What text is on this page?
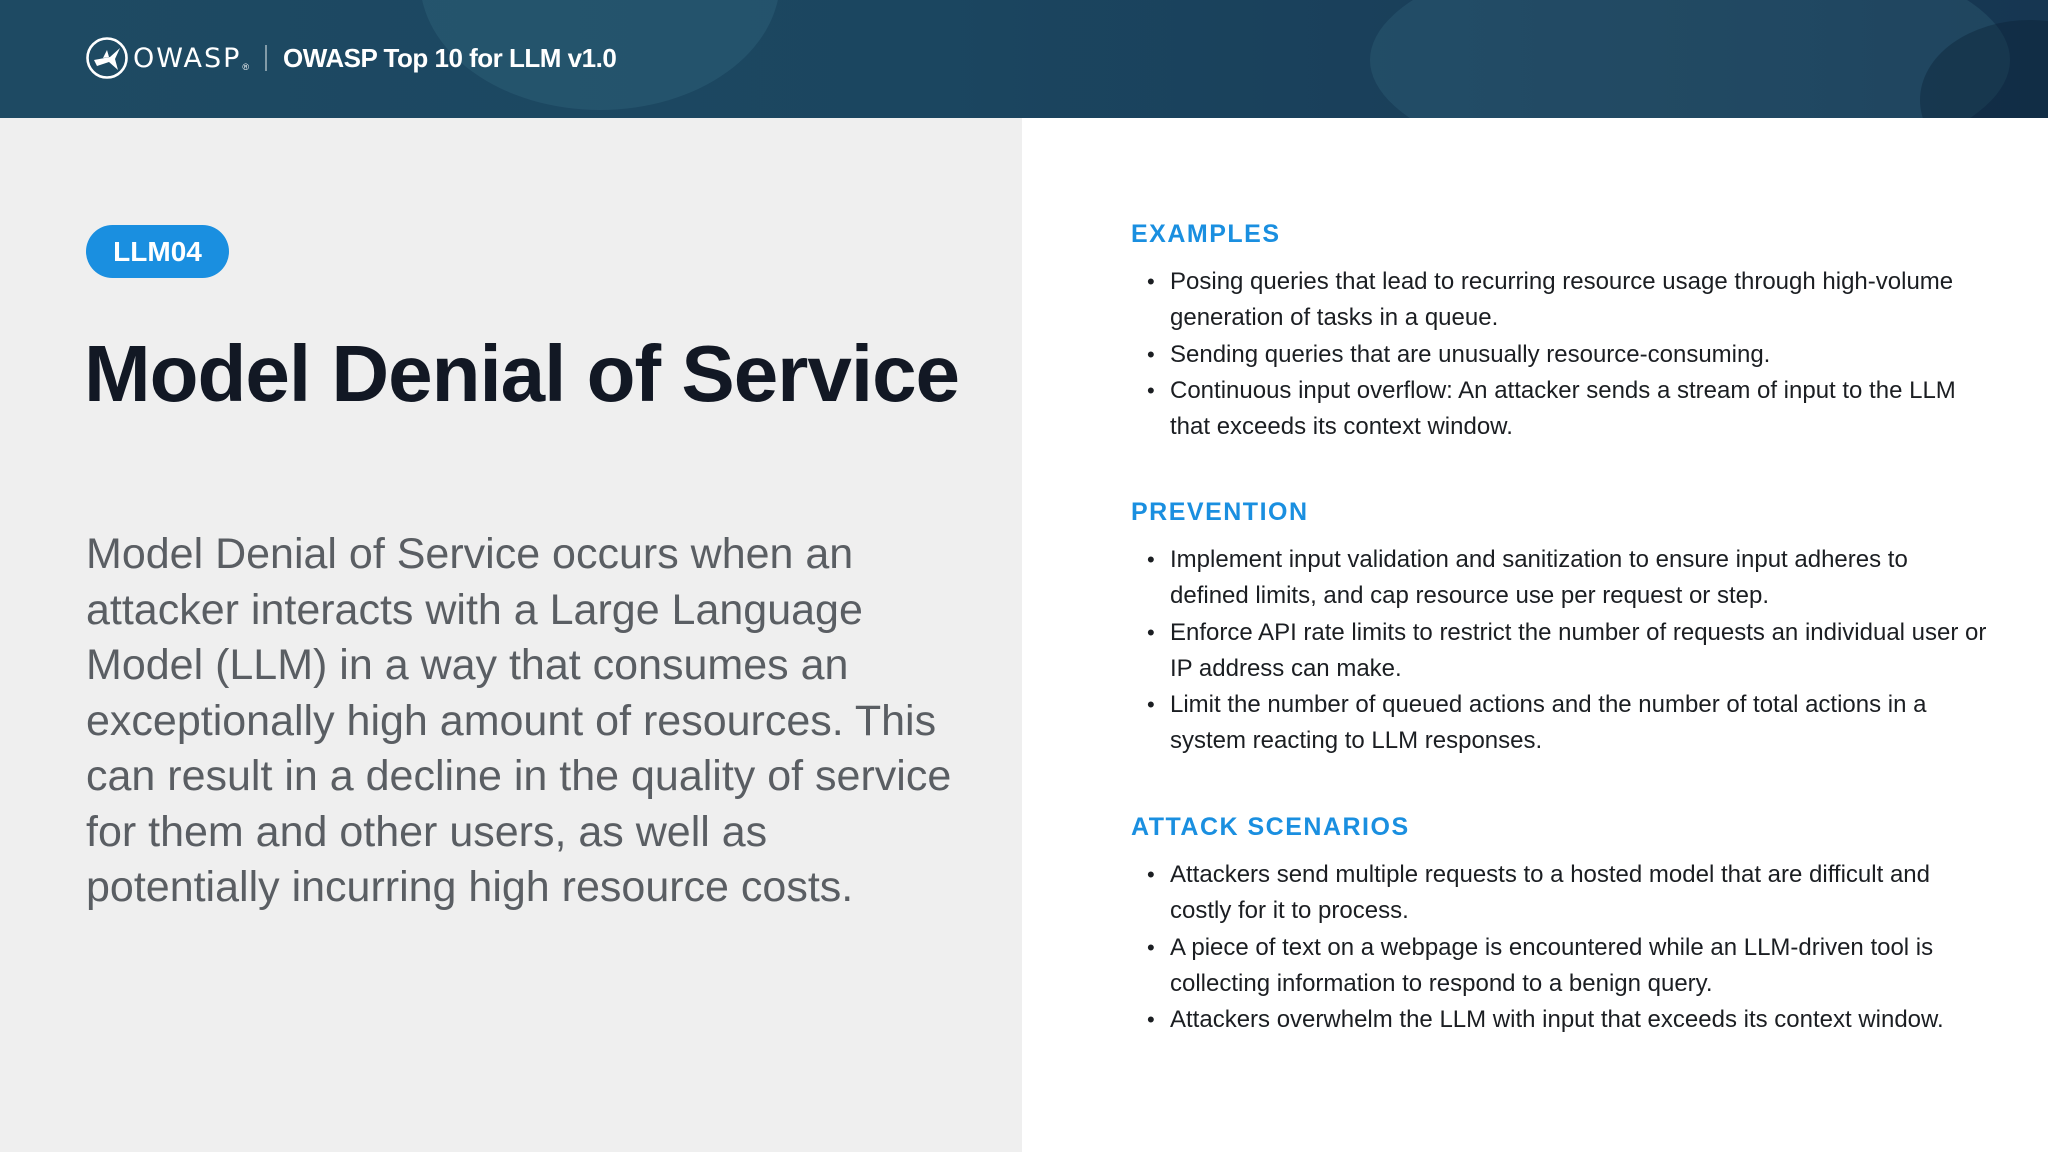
OWASP ® OWASP Top 10 for LLM v1.0
LLM04
Model Denial of Service

Model Denial of Service occurs when an attacker interacts with a Large Language Model (LLM) in a way that consumes an exceptionally high amount of resources. This can result in a decline in the quality of service for them and other users, as well as potentially incurring high resource costs.

EXAMPLES
• Posing queries that lead to recurring resource usage through high-volume generation of tasks in a queue.
• Sending queries that are unusually resource-consuming.
• Continuous input overflow: An attacker sends a stream of input to the LLM that exceeds its context window.
PREVENTION
• Implement input validation and sanitization to ensure input adheres to defined limits, and cap resource use per request or step.
• Enforce API rate limits to restrict the number of requests an individual user or IP address can make.
• Limit the number of queued actions and the number of total actions in a system reacting to LLM responses.
ATTACK SCENARIOS
• Attackers send multiple requests to a hosted model that are difficult and costly for it to process.
• A piece of text on a webpage is encountered while an LLM-driven tool is collecting information to respond to a benign query.
• Attackers overwhelm the LLM with input that exceeds its context window.
